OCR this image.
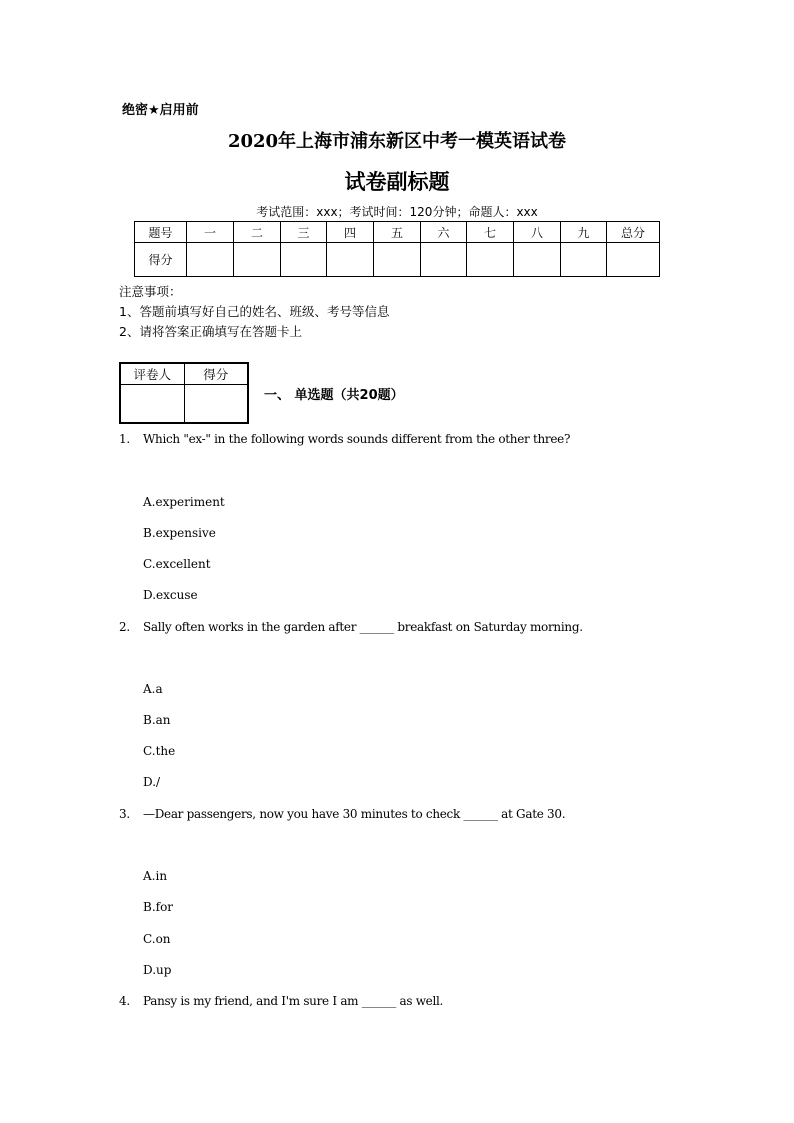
绝密★启用前
2020年上海市浦东新区中考一模英语试卷
试卷副标题
考试范围：xxx；考试时间：120分钟；命题人：xxx
题号	一	二	三	四	五	六	七	八	九	总分
得分										
注意事项：
1、答题前填写好自己的姓名、班级、考号等信息
2、请将答案正确填写在答题卡上
评卷人	得分

一、 单选题（共20题）
1. Which "ex-" in the following words sounds different from the other three?
A.experiment
B.expensive
C.excellent
D.excuse
2. Sally often works in the garden after ______ breakfast on Saturday morning.
A.a
B.an
C.the
D./
3. —Dear passengers, now you have 30 minutes to check ______ at Gate 30.
A.in
B.for
C.on
D.up
4. Pansy is my friend, and I'm sure I am ______ as well.
